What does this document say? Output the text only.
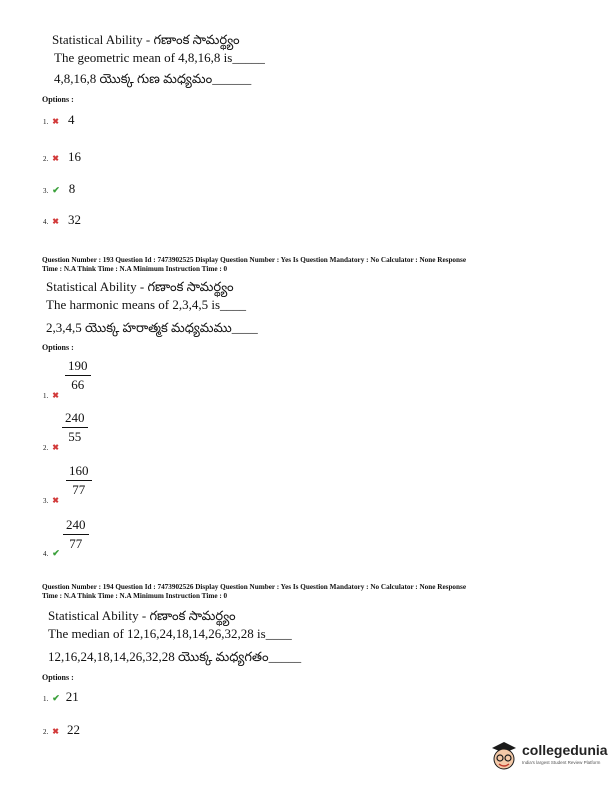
Statistical Ability - గణాంక సామర్థ్యం
The geometric mean of 4,8,16,8 is_____
4,8,16,8 యొక్క గుణ మధ్యమం______
Options :
1. ✖ 4
2. ✖ 16
3. ✔ 8
4. ✖ 32
Question Number : 193 Question Id : 7473902525 Display Question Number : Yes Is Question Mandatory : No Calculator : None Response
Time : N.A Think Time : N.A Minimum Instruction Time : 0
Statistical Ability - గణాంక సామర్థ్యం
The harmonic means of 2,3,4,5 is____
2,3,4,5 యొక్క హరాత్మక మధ్యమము____
Options :
1. ✖
$\frac{190}{66}$
2. ✖
$\frac{240}{55}$
3. ✖
$\frac{160}{77}$
4. ✔
$\frac{240}{77}$
Question Number : 194 Question Id : 7473902526 Display Question Number : Yes Is Question Mandatory : No Calculator : None Response
Time : N.A Think Time : N.A Minimum Instruction Time : 0
Statistical Ability - గణాంక సామర్థ్యం
The median of 12,16,24,18,14,26,32,28 is____
12,16,24,18,14,26,32,28 యొక్క మధ్యగతం_____
Options :
1. ✔ 21
2. ✖ 22
collegedunia
India's largest Student Review Platform
